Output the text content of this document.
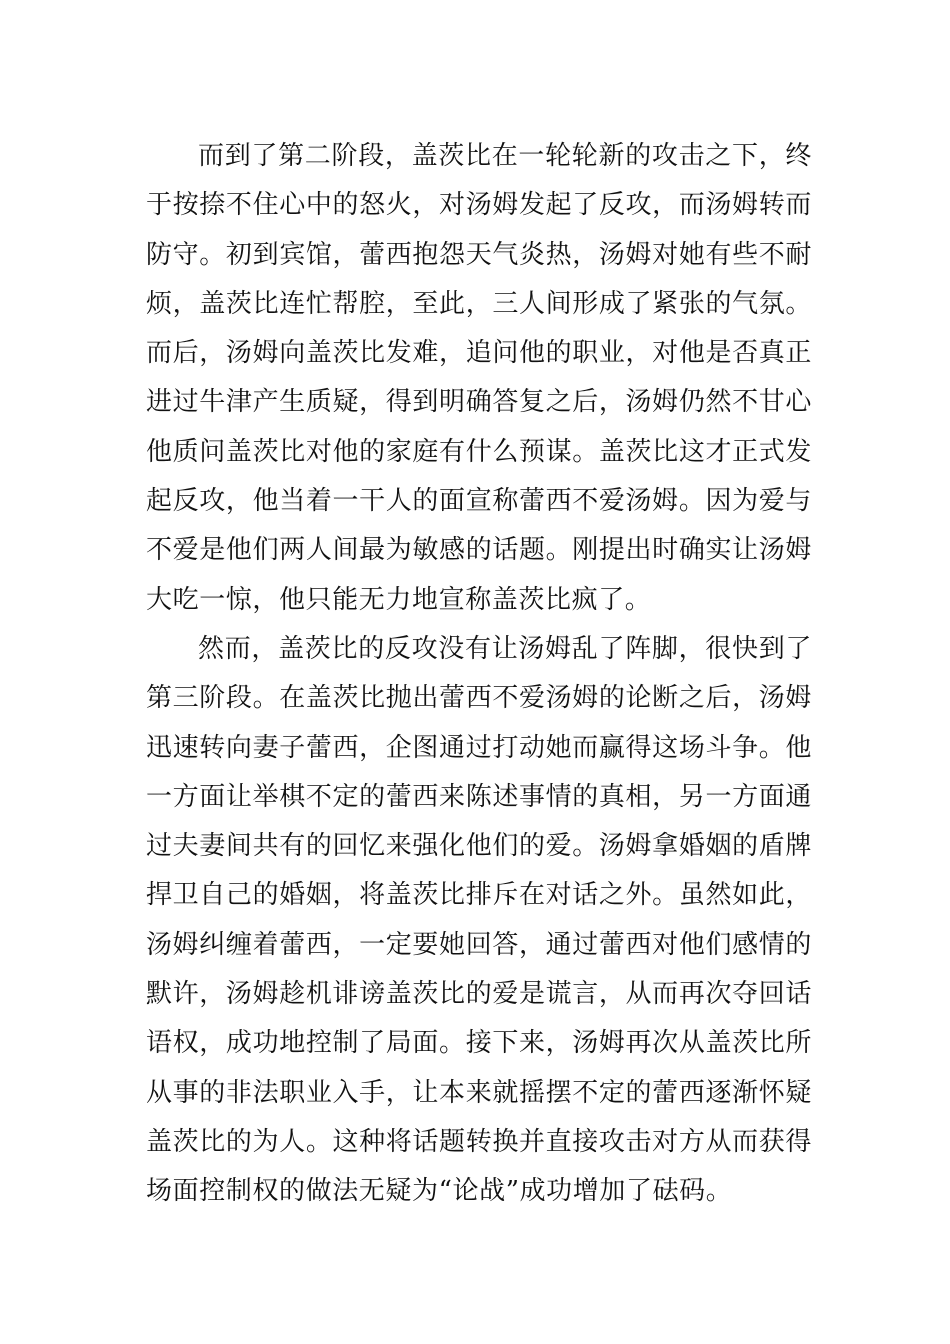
而到了第二阶段，盖茨比在一轮轮新的攻击之下，终
于按捺不住心中的怒火，对汤姆发起了反攻，而汤姆转而
防守。初到宾馆，蕾西抱怨天气炎热，汤姆对她有些不耐
烦，盖茨比连忙帮腔，至此，三人间形成了紧张的气氛。
而后，汤姆向盖茨比发难，追问他的职业，对他是否真正
进过牛津产生质疑，得到明确答复之后，汤姆仍然不甘心
他质问盖茨比对他的家庭有什么预谋。盖茨比这才正式发
起反攻，他当着一干人的面宣称蕾西不爱汤姆。因为爱与
不爱是他们两人间最为敏感的话题。刚提出时确实让汤姆
大吃一惊，他只能无力地宣称盖茨比疯了。
然而，盖茨比的反攻没有让汤姆乱了阵脚，很快到了
第三阶段。在盖茨比抛出蕾西不爱汤姆的论断之后，汤姆
迅速转向妻子蕾西，企图通过打动她而赢得这场斗争。他
一方面让举棋不定的蕾西来陈述事情的真相，另一方面通
过夫妻间共有的回忆来强化他们的爱。汤姆拿婚姻的盾牌
捍卫自己的婚姻，将盖茨比排斥在对话之外。虽然如此，
汤姆纠缠着蕾西，一定要她回答，通过蕾西对他们感情的
默许，汤姆趁机诽谤盖茨比的爱是谎言，从而再次夺回话
语权，成功地控制了局面。接下来，汤姆再次从盖茨比所
从事的非法职业入手，让本来就摇摆不定的蕾西逐渐怀疑
盖茨比的为人。这种将话题转换并直接攻击对方从而获得
场面控制权的做法无疑为“论战”成功增加了砝码。
